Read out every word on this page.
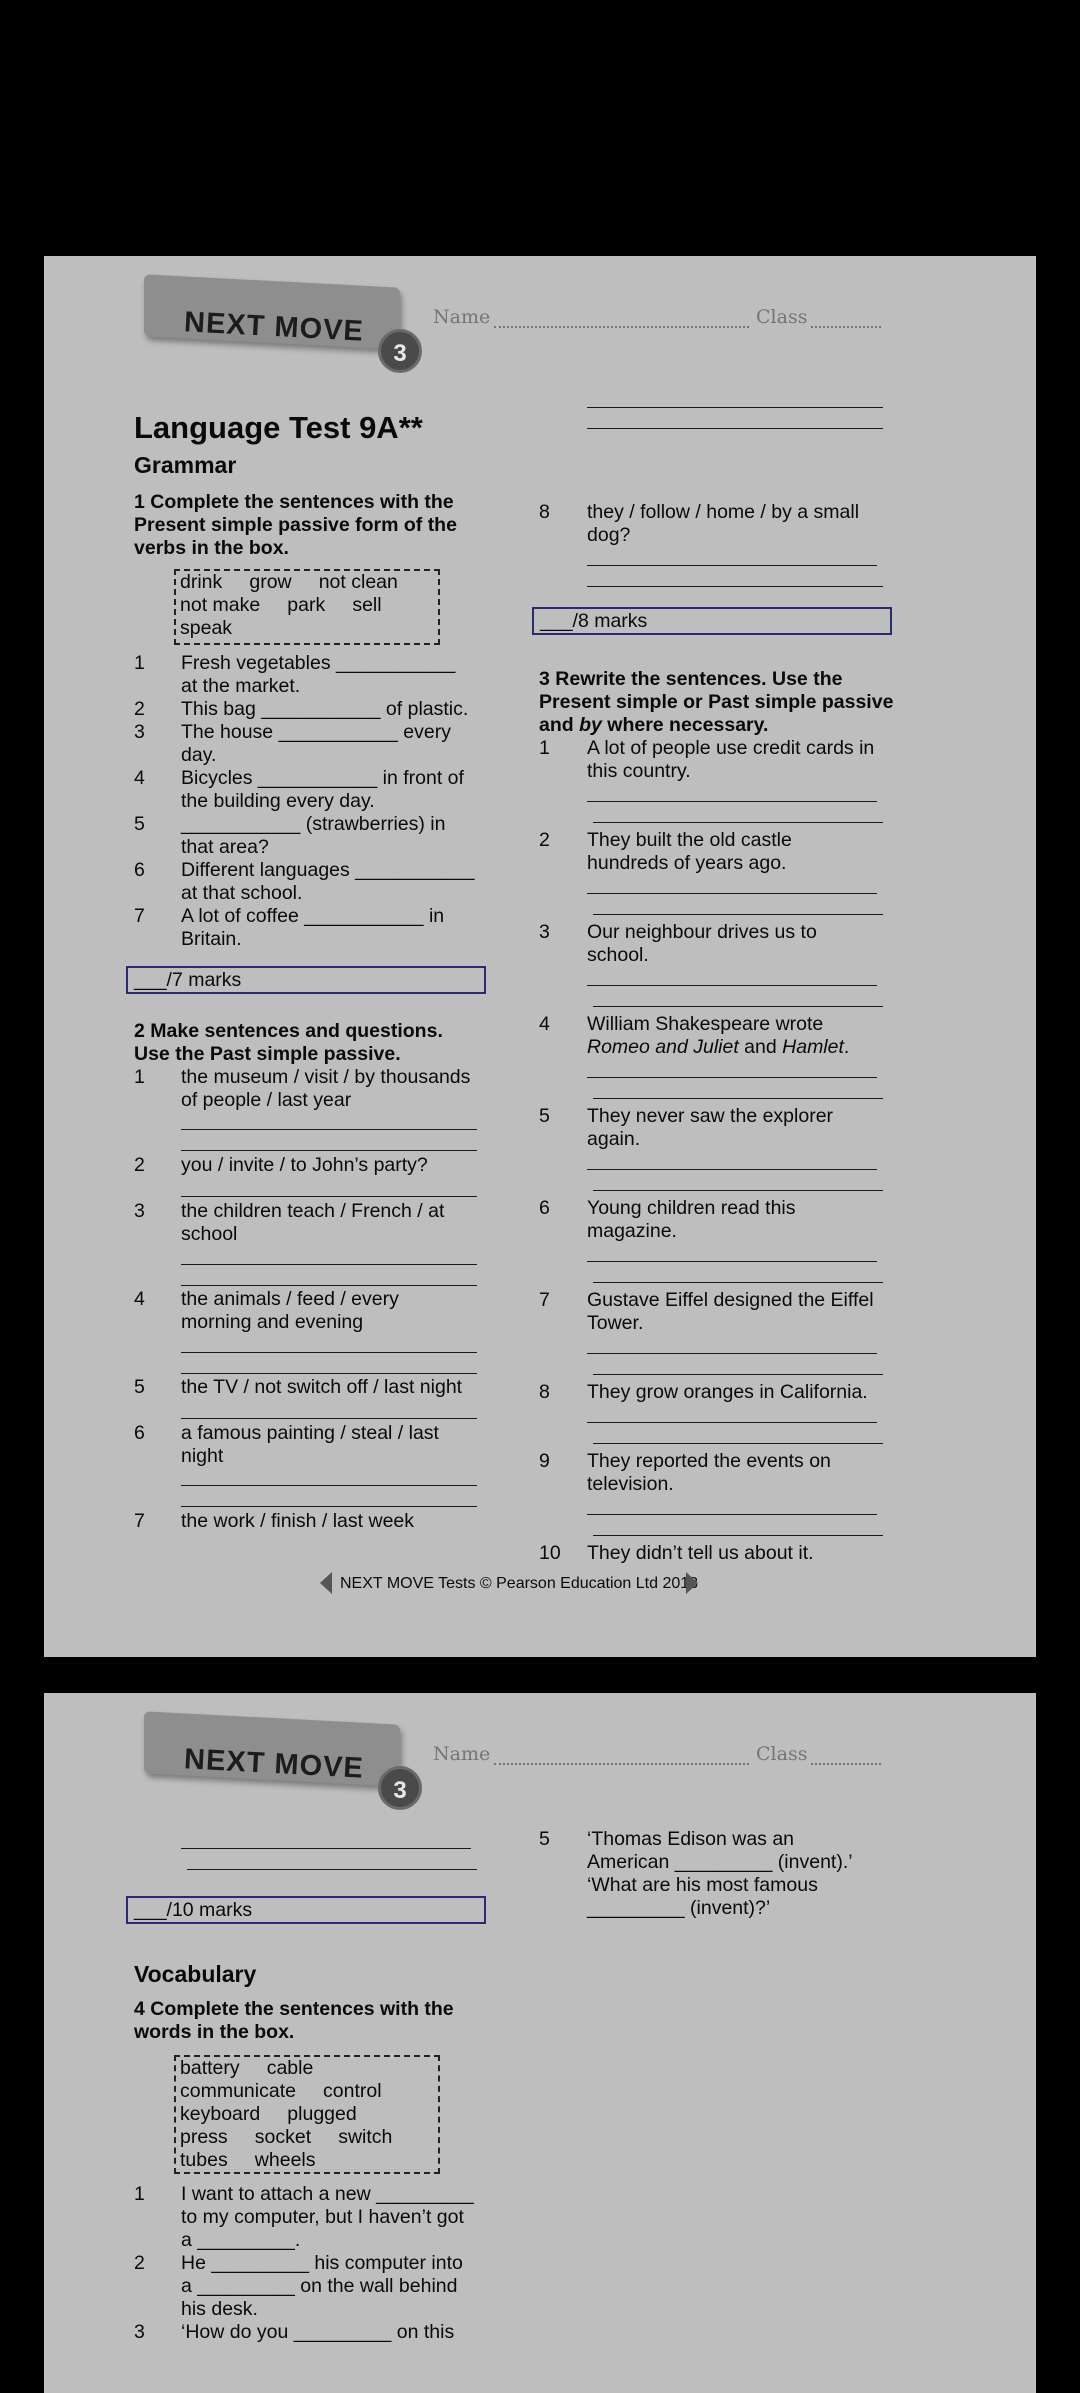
NEXT MOVE
3
Name	Class
Language Test 9A**
Grammar
1 Complete the sentences with the Present simple passive form of the verbs in the box.
drink     grow     not clean
not make     park     sell
speak
1 Fresh vegetables ___________
at the market.
2 This bag ___________ of plastic.
3 The house ___________ every
day.
4 Bicycles ___________ in front of
the building every day.
5 ___________ (strawberries) in
that area?
6 Different languages ___________
at that school.
7 A lot of coffee ___________ in
Britain.
___/7 marks
2 Make sentences and questions. Use the Past simple passive.
1 the museum / visit / by thousands
of people / last year
2 you / invite / to John’s party?
3 the children teach / French / at
school
4 the animals / feed / every
morning and evening
5 the TV / not switch off / last night
6 a famous painting / steal / last
night
7 the work / finish / last week
8 they / follow / home / by a small
dog?
___/8 marks
3 Rewrite the sentences. Use the Present simple or Past simple passive and by where necessary.
1 A lot of people use credit cards in
this country.
2 They built the old castle
hundreds of years ago.
3 Our neighbour drives us to
school.
4 William Shakespeare wrote
Romeo and Juliet and Hamlet.
5 They never saw the explorer
again.
6 Young children read this
magazine.
7 Gustave Eiffel designed the Eiffel
Tower.
8 They grow oranges in California.
9 They reported the events on
television.
10 They didn’t tell us about it.
NEXT MOVE Tests © Pearson Education Ltd 2013
NEXT MOVE
3
Name	Class
___/10 marks
Vocabulary
4 Complete the sentences with the words in the box.
battery     cable
communicate     control
keyboard     plugged
press     socket     switch
tubes     wheels
1 I want to attach a new _________
to my computer, but I haven’t got
a _________.
2 He _________ his computer into
a _________ on the wall behind
his desk.
3 ‘How do you _________ on this
5 ‘Thomas Edison was an
American _________ (invent).’
‘What are his most famous
_________ (invent)?’
